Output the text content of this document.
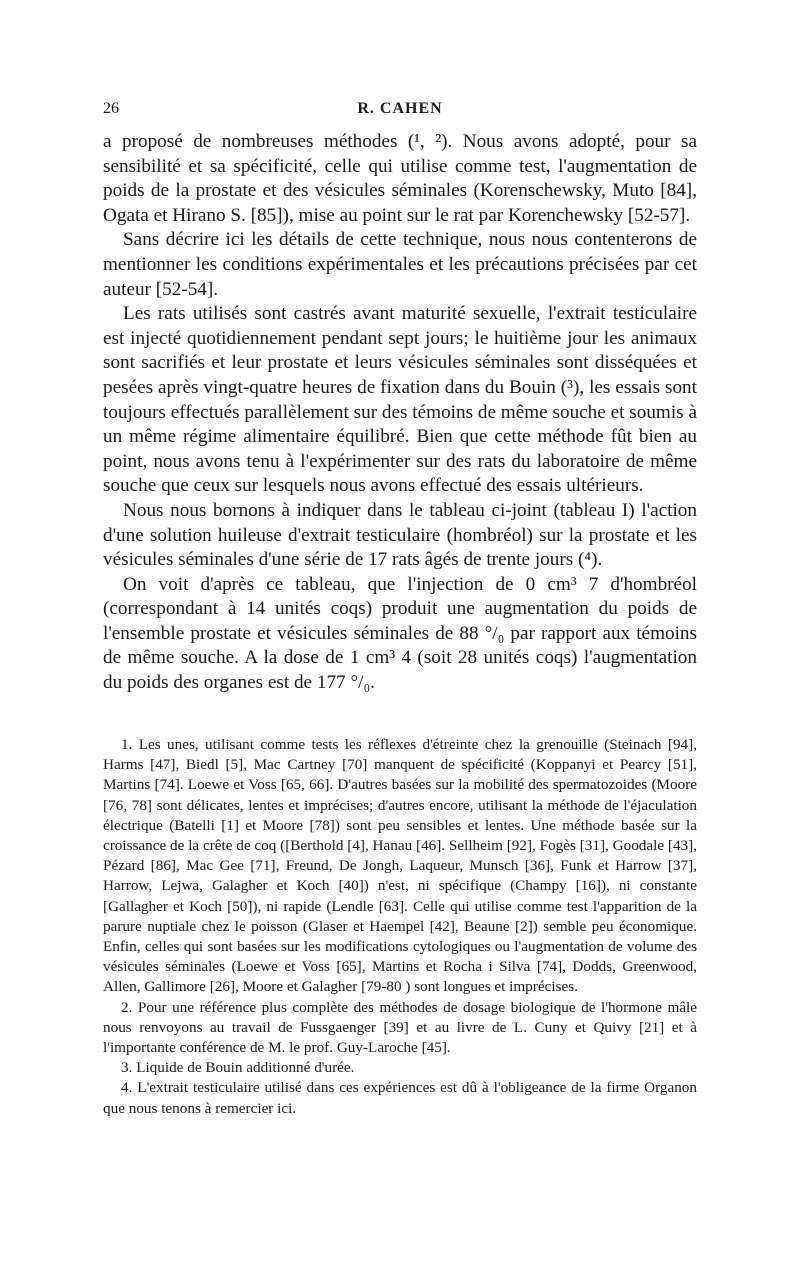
26	R. CAHEN

a proposé de nombreuses méthodes (¹, ²). Nous avons adopté, pour sa sensibilité et sa spécificité, celle qui utilise comme test, l'augmentation de poids de la prostate et des vésicules séminales (Korenschewsky, Muto [84], Ogata et Hirano S. [85]), mise au point sur le rat par Korenchewsky [52-57].

Sans décrire ici les détails de cette technique, nous nous contenterons de mentionner les conditions expérimentales et les précautions précisées par cet auteur [52-54].

Les rats utilisés sont castrés avant maturité sexuelle, l'extrait testiculaire est injecté quotidiennement pendant sept jours; le huitième jour les animaux sont sacrifiés et leur prostate et leurs vésicules séminales sont disséquées et pesées après vingt-quatre heures de fixation dans du Bouin (³), les essais sont toujours effectués parallèlement sur des témoins de même souche et soumis à un même régime alimentaire équilibré. Bien que cette méthode fût bien au point, nous avons tenu à l'expérimenter sur des rats du laboratoire de même souche que ceux sur lesquels nous avons effectué des essais ultérieurs.

Nous nous bornons à indiquer dans le tableau ci-joint (tableau I) l'action d'une solution huileuse d'extrait testiculaire (hombréol) sur la prostate et les vésicules séminales d'une série de 17 rats âgés de trente jours (⁴).

On voit d'après ce tableau, que l'injection de 0 cm³ 7 d'hombréol (correspondant à 14 unités coqs) produit une augmentation du poids de l'ensemble prostate et vésicules séminales de 88 °/₀ par rapport aux témoins de même souche. A la dose de 1 cm³ 4 (soit 28 unités coqs) l'augmentation du poids des organes est de 177 °/₀.

1. Les unes, utilisant comme tests les réflexes d'étreinte chez la grenouille (Steinach [94], Harms [47], Biedl [5], Mac Cartney [70] manquent de spécificité (Koppanyi et Pearcy [51], Martins [74]. Loewe et Voss [65, 66]. D'autres basées sur la mobilité des spermatozoides (Moore [76, 78] sont délicates, lentes et imprécises; d'autres encore, utilisant la méthode de l'éjaculation électrique (Batelli [1] et Moore [78]) sont peu sensibles et lentes. Une méthode basée sur la croissance de la crête de coq ([Berthold [4], Hanau [46]. Sellheim [92], Fogès [31], Goodale [43], Pézard [86], Mac Gee [71], Freund, De Jongh, Laqueur, Munsch [36], Funk et Harrow [37], Harrow, Lejwa, Galagher et Koch [40]) n'est, ni spécifique (Champy [16]), ni constante [Gallagher et Koch [50]), ni rapide (Lendle [63]. Celle qui utilise comme test l'apparition de la parure nuptiale chez le poisson (Glaser et Haempel [42], Beaune [2]) semble peu économique. Enfin, celles qui sont basées sur les modifications cytologiques ou l'augmentation de volume des vésicules séminales (Loewe et Voss [65], Martins et Rocha i Silva [74], Dodds, Greenwood, Allen, Gallimore [26], Moore et Galagher [79-80 ) sont longues et imprécises.

2. Pour une référence plus complète des méthodes de dosage biologique de l'hormone mâle nous renvoyons au travail de Fussgaenger [39] et au livre de L. Cuny et Quivy [21] et à l'importante conférence de M. le prof. Guy-Laroche [45].

3. Liquide de Bouin additionné d'urée.

4. L'extrait testiculaire utilisé dans ces expériences est dû à l'obligeance de la firme Organon que nous tenons à remercier ici.
